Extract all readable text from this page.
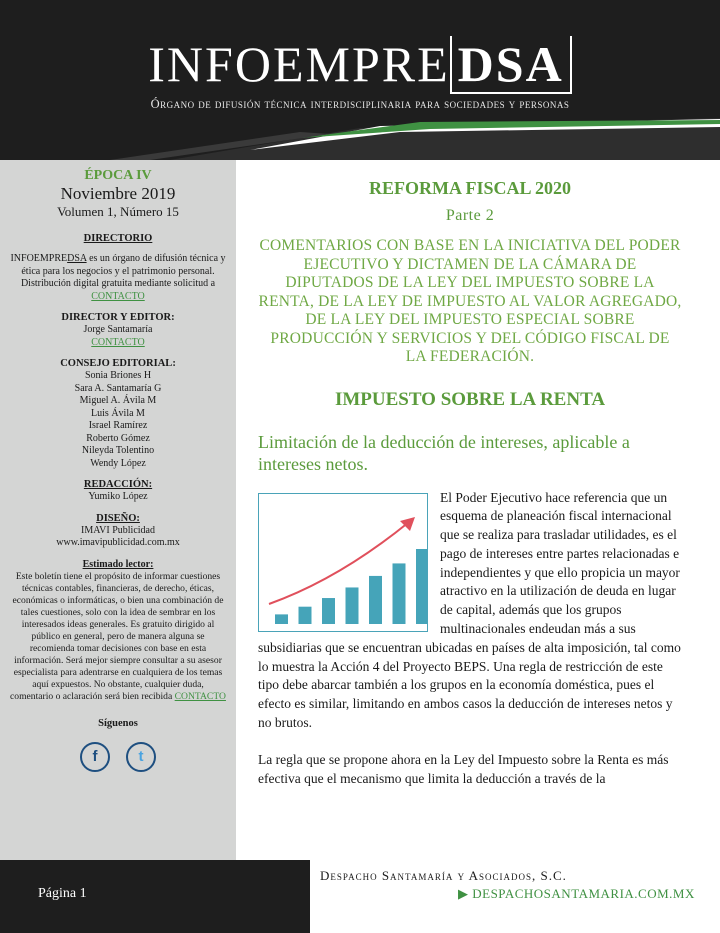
INFOEMPRE DSA
Órgano de difusión técnica interdisciplinaria para sociedades y personas
ÉPOCA IV
Noviembre 2019
Volumen 1, Número 15
DIRECTORIO
INFOEMPREDSA es un órgano de difusión técnica y ética para los negocios y el patrimonio personal. Distribución digital gratuita mediante solicitud a
CONTACTO
DIRECTOR Y EDITOR:
Jorge Santamaría
CONTACTO
CONSEJO EDITORIAL:
Sonia Briones H
Sara A. Santamaría G
Miguel A. Ávila M
Luis Ávila M
Israel Ramírez
Roberto Gómez
Nileyda Tolentino
Wendy López
REDACCIÓN:
Yumiko López
DISEÑO:
IMAVI Publicidad
www.imavipublicidad.com.mx
Estimado lector:
Este boletín tiene el propósito de informar cuestiones técnicas contables, financieras, de derecho, éticas, económicas o informáticas, o bien una combinación de tales cuestiones, solo con la idea de sembrar en los interesados ideas generales. Es gratuito dirigido al público en general, pero de manera alguna se recomienda tomar decisiones con base en esta información. Será mejor siempre consultar a su asesor especialista para adentrarse en cualquiera de los temas aquí expuestos. No obstante, cualquier duda, comentario o aclaración será bien recibida CONTACTO
Síguenos
f	t
REFORMA FISCAL 2020
Parte 2
COMENTARIOS CON BASE EN LA INICIATIVA DEL PODER EJECUTIVO Y DICTAMEN DE LA CÁMARA DE DIPUTADOS DE LA LEY DEL IMPUESTO SOBRE LA RENTA, DE LA LEY DE IMPUESTO AL VALOR AGREGADO, DE LA LEY DEL IMPUESTO ESPECIAL SOBRE PRODUCCIÓN Y SERVICIOS Y DEL CÓDIGO FISCAL DE LA FEDERACIÓN.
IMPUESTO SOBRE LA RENTA
Limitación de la deducción de intereses, aplicable a intereses netos.
El Poder Ejecutivo hace referencia que un esquema de planeación fiscal internacional que se realiza para trasladar utilidades, es el pago de intereses entre partes relacionadas e independientes y que ello propicia un mayor atractivo en la utilización de deuda en lugar de capital, además que los grupos multinacionales endeudan más a sus subsidiarias que se encuentran ubicadas en países de alta imposición, tal como lo muestra la Acción 4 del Proyecto BEPS. Una regla de restricción de este tipo debe abarcar también a los grupos en la economía doméstica, pues el efecto es similar, limitando en ambos casos la deducción de intereses netos y no brutos.
La regla que se propone ahora en la Ley del Impuesto sobre la Renta es más efectiva que el mecanismo que limita la deducción a través de la
Página 1
Despacho Santamaría y Asociados, S.C.
▶ DESPACHOSANTAMARIA.COM.MX
